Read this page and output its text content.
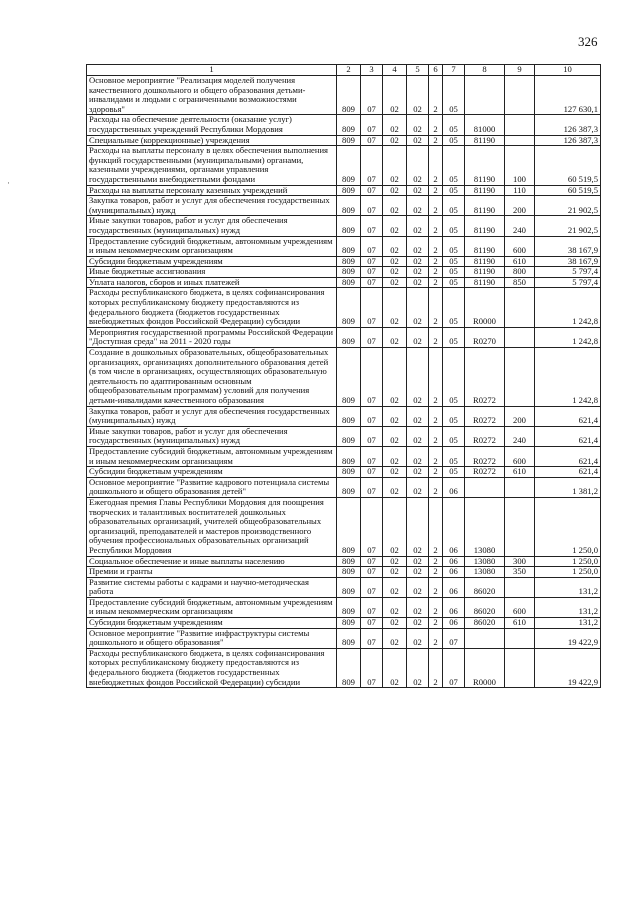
326
·
1	2	3	4	5	6	7	8	9	10
Основное мероприятие "Реализация моделей получения качественного дошкольного и общего образования детьми-инвалидами и людьми с ограниченными возможностями здоровья"	809	07	02	02	2	05			127 630,1
Расходы на обеспечение деятельности (оказание услуг) государственных учреждений Республики Мордовия	809	07	02	02	2	05	81000		126 387,3
Специальные (коррекционные) учреждения	809	07	02	02	2	05	81190		126 387,3
Расходы на выплаты персоналу в целях обеспечения выполнения функций государственными (муниципальными) органами, казенными учреждениями, органами управления государственными внебюджетными фондами	809	07	02	02	2	05	81190	100	60 519,5
Расходы на выплаты персоналу казенных учреждений	809	07	02	02	2	05	81190	110	60 519,5
Закупка товаров, работ и услуг для обеспечения государственных (муниципальных) нужд	809	07	02	02	2	05	81190	200	21 902,5
Иные закупки товаров, работ и услуг для обеспечения государственных (муниципальных) нужд	809	07	02	02	2	05	81190	240	21 902,5
Предоставление субсидий бюджетным, автономным учреждениям и иным некоммерческим организациям	809	07	02	02	2	05	81190	600	38 167,9
Субсидии бюджетным учреждениям	809	07	02	02	2	05	81190	610	38 167,9
Иные бюджетные ассигнования	809	07	02	02	2	05	81190	800	5 797,4
Уплата налогов, сборов и иных платежей	809	07	02	02	2	05	81190	850	5 797,4
Расходы республиканского бюджета, в целях софинансирования которых республиканскому бюджету предоставляются из федерального бюджета (бюджетов государственных внебюджетных фондов Российской Федерации) субсидии	809	07	02	02	2	05	R0000		1 242,8
Мероприятия государственной программы Российской Федерации "Доступная среда" на 2011 - 2020 годы	809	07	02	02	2	05	R0270		1 242,8
Создание в дошкольных образовательных, общеобразовательных организациях, организациях дополнительного образования детей (в том числе в организациях, осуществляющих образовательную деятельность по адаптированным основным общеобразовательным программам) условий для получения детьми-инвалидами качественного образования	809	07	02	02	2	05	R0272		1 242,8
Закупка товаров, работ и услуг для обеспечения государственных (муниципальных) нужд	809	07	02	02	2	05	R0272	200	621,4
Иные закупки товаров, работ и услуг для обеспечения государственных (муниципальных) нужд	809	07	02	02	2	05	R0272	240	621,4
Предоставление субсидий бюджетным, автономным учреждениям и иным некоммерческим организациям	809	07	02	02	2	05	R0272	600	621,4
Субсидии бюджетным учреждениям	809	07	02	02	2	05	R0272	610	621,4
Основное мероприятие "Развитие кадрового потенциала системы дошкольного и общего образования детей"	809	07	02	02	2	06			1 381,2
Ежегодная премия Главы Республики Мордовия для поощрения творческих и талантливых воспитателей дошкольных образовательных организаций, учителей общеобразовательных организаций, преподавателей и мастеров производственного обучения профессиональных образовательных организаций Республики Мордовия	809	07	02	02	2	06	13080		1 250,0
Социальное обеспечение и иные выплаты населению	809	07	02	02	2	06	13080	300	1 250,0
Премии и гранты	809	07	02	02	2	06	13080	350	1 250,0
Развитие системы работы с кадрами и научно-методическая работа	809	07	02	02	2	06	86020		131,2
Предоставление субсидий бюджетным, автономным учреждениям и иным некоммерческим организациям	809	07	02	02	2	06	86020	600	131,2
Субсидии бюджетным учреждениям	809	07	02	02	2	06	86020	610	131,2
Основное мероприятие "Развитие инфраструктуры системы дошкольного и общего образования"	809	07	02	02	2	07			19 422,9
Расходы республиканского бюджета, в целях софинансирования которых республиканскому бюджету предоставляются из федерального бюджета (бюджетов государственных внебюджетных фондов Российской Федерации) субсидии	809	07	02	02	2	07	R0000		19 422,9
